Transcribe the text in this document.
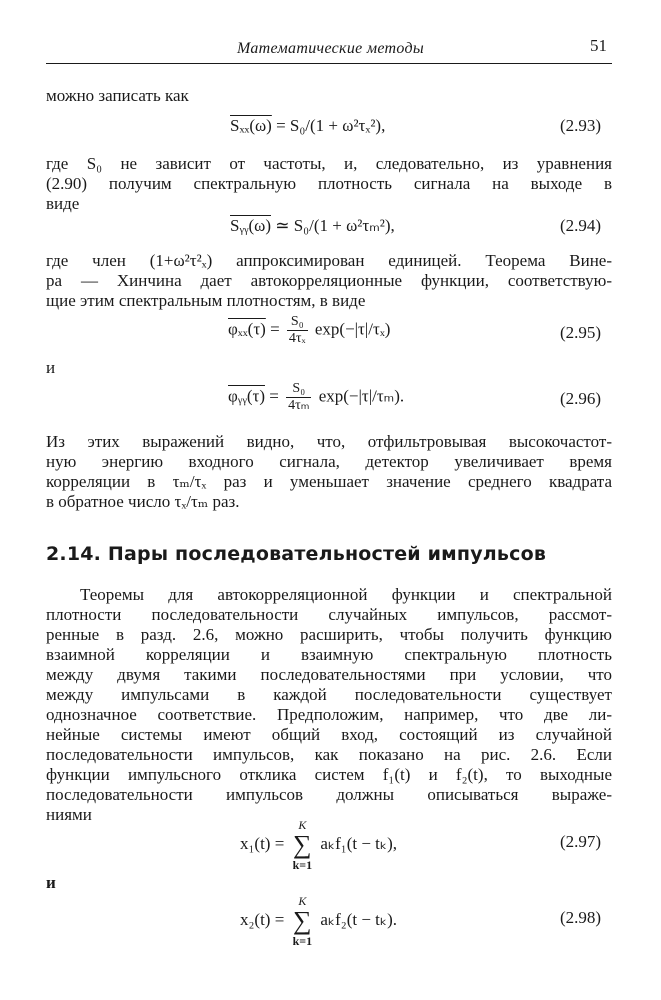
Математические методы	51
можно записать как
Sₓₓ(ω) = S₀/(1 + ω²τₓ²),	(2.93)
где S₀ не зависит от частоты, и, следовательно, из уравнения
(2.90) получим спектральную плотность сигнала на выходе в
виде
Sᵧᵧ(ω) ≃ S₀/(1 + ω²τₘ²),	(2.94)
где член (1+ω²τ²ₓ) аппроксимирован единицей. Теорема Вине-
ра — Хинчина дает автокорреляционные функции, соответствую-
щие этим спектральным плотностям, в виде
$\varphi_{xx}(\tau) = \frac{\text{S₀}}{\text{4τₓ}} \exp(-|\tau|/\tau_x)$	(2.95)
и
φᵧᵧ(τ) = $\frac{\text{S₀}}{\text{4τₘ}} \exp(-|\tau|/\tau_m)$.	(2.96)
Из этих выражений видно, что, отфильтровывая высокочастот-
ную энергию входного сигнала, детектор увеличивает время
корреляции в τₘ/τₓ раз и уменьшает значение среднего квадрата
в обратное число τₓ/τₘ раз.
2.14. Пары последовательностей импульсов
Теоремы для автокорреляционной функции и спектральной
плотности последовательности случайных импульсов, рассмот-
ренные в разд. 2.6, можно расширить, чтобы получить функцию
взаимной корреляции и взаимную спектральную плотность
между двумя такими последовательностями при условии, что
между импульсами в каждой последовательности существует
однозначное соответствие. Предположим, например, что две ли-
нейные системы имеют общий вход, состоящий из случайной
последовательности импульсов, как показано на рис. 2.6. Если
функции импульсного отклика систем f₁(t) и f₂(t), то выходные
последовательности импульсов должны описываться выраже-
ниями
x₁(t) =
K
∑
k=1
aₖf₁(t − tₖ),	(2.97)
и
x₂(t) =
K
∑
k=1
aₖf₂(t − tₖ).	(2.98)
